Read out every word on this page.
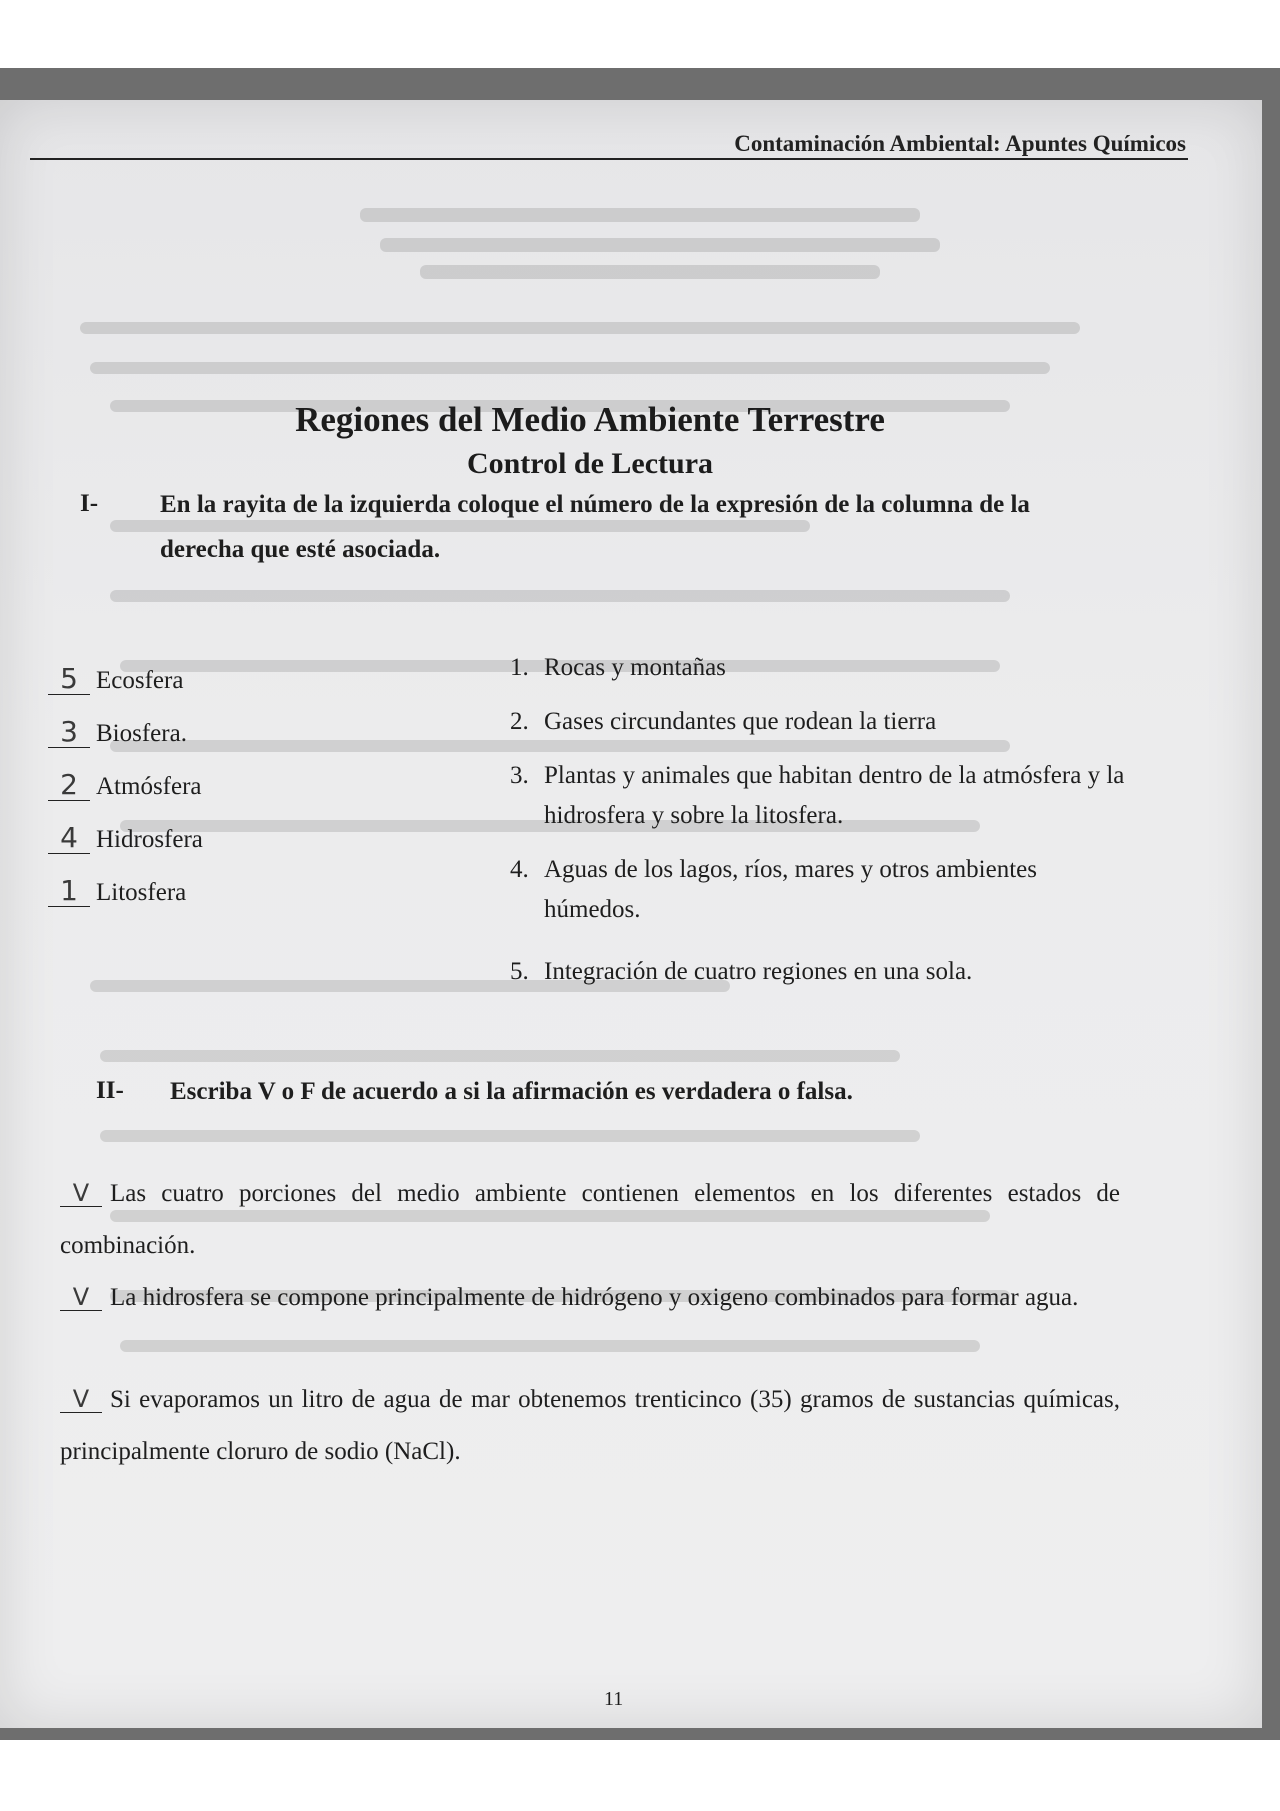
Contaminación Ambiental: Apuntes Químicos
Regiones del Medio Ambiente Terrestre
Control de Lectura
I- En la rayita de la izquierda coloque el número de la expresión de la columna de la derecha que esté asociada.
5 Ecosfera
3 Biosfera.
2 Atmósfera
4 Hidrosfera
1 Litosfera
1. Rocas y montañas
2. Gases circundantes que rodean la tierra
3. Plantas y animales que habitan dentro de la atmósfera y la hidrosfera y sobre la litosfera.
4. Aguas de los lagos, ríos, mares y otros ambientes húmedos.
5. Integración de cuatro regiones en una sola.
II- Escriba V o F de acuerdo a si la afirmación es verdadera o falsa.
V Las cuatro porciones del medio ambiente contienen elementos en los diferentes estados de combinación.
V La hidrosfera se compone principalmente de hidrógeno y oxigeno combinados para formar agua.
V Si evaporamos un litro de agua de mar obtenemos trenticinco (35) gramos de sustancias químicas, principalmente cloruro de sodio (NaCl).
11
